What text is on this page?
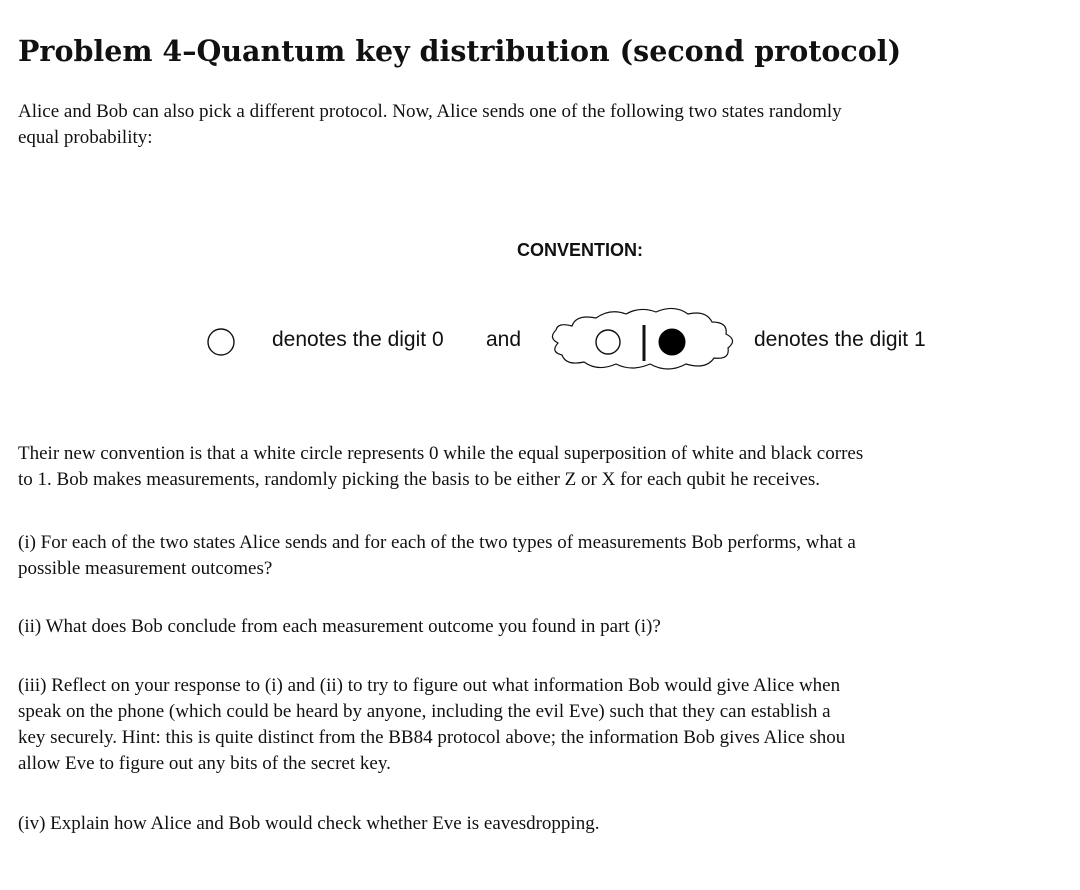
Problem 4–Quantum key distribution (second protocol)

Alice and Bob can also pick a different protocol. Now, Alice sends one of the following two states randomly

equal probability:

CONVENTION:
denotes the digit 0 and	denotes the digit 1

Their new convention is that a white circle represents 0 while the equal superposition of white and black corres

to 1. Bob makes measurements, randomly picking the basis to be either Z or X for each qubit he receives.

(i) For each of the two states Alice sends and for each of the two types of measurements Bob performs, what a

possible measurement outcomes?

(ii) What does Bob conclude from each measurement outcome you found in part (i)?

(iii) Reflect on your response to (i) and (ii) to try to figure out what information Bob would give Alice when

speak on the phone (which could be heard by anyone, including the evil Eve) such that they can establish a

key securely. Hint: this is quite distinct from the BB84 protocol above; the information Bob gives Alice shou

allow Eve to figure out any bits of the secret key.

(iv) Explain how Alice and Bob would check whether Eve is eavesdropping.
